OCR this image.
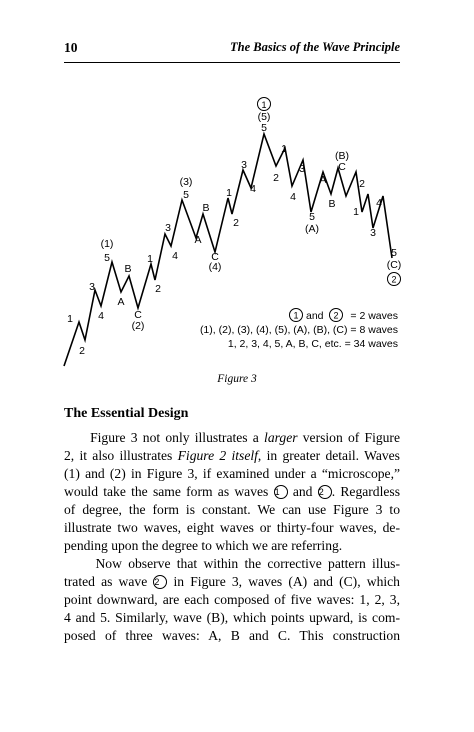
10	The Basics of the Wave Principle
1
2
3
4
5
(1)
A
B
C
(2)
1
2
3
4
5
(3)
A
B
C
(4)
1
2
3
4
5
1
(5)
1
2
3
4
5
(A)
A
B
C
(B)
1
2
3
4
5
(C)
2
1 and 2 = 2 waves
(1), (2), (3), (4), (5), (A), (B), (C) = 8 waves
1, 2, 3, 4, 5, A, B, C, etc. = 34 waves
Figure 3
The Essential Design
Figure 3 not only illustrates a larger version of Figure
2, it also illustrates Figure 2 itself, in greater detail. Waves
(1) and (2) in Figure 3, if examined under a “microscope,”
would take the same form as waves 1 and 2 . Regardless
of degree, the form is constant. We can use Figure 3 to
illustrate two waves, eight waves or thirty-four waves, de-
pending upon the degree to which we are referring.
Now observe that within the corrective pattern illus-
trated as wave 2 in Figure 3, waves (A) and (C), which
point downward, are each composed of five waves: 1, 2, 3,
4 and 5. Similarly, wave (B), which points upward, is com-
posed of three waves: A, B and C. This construction
